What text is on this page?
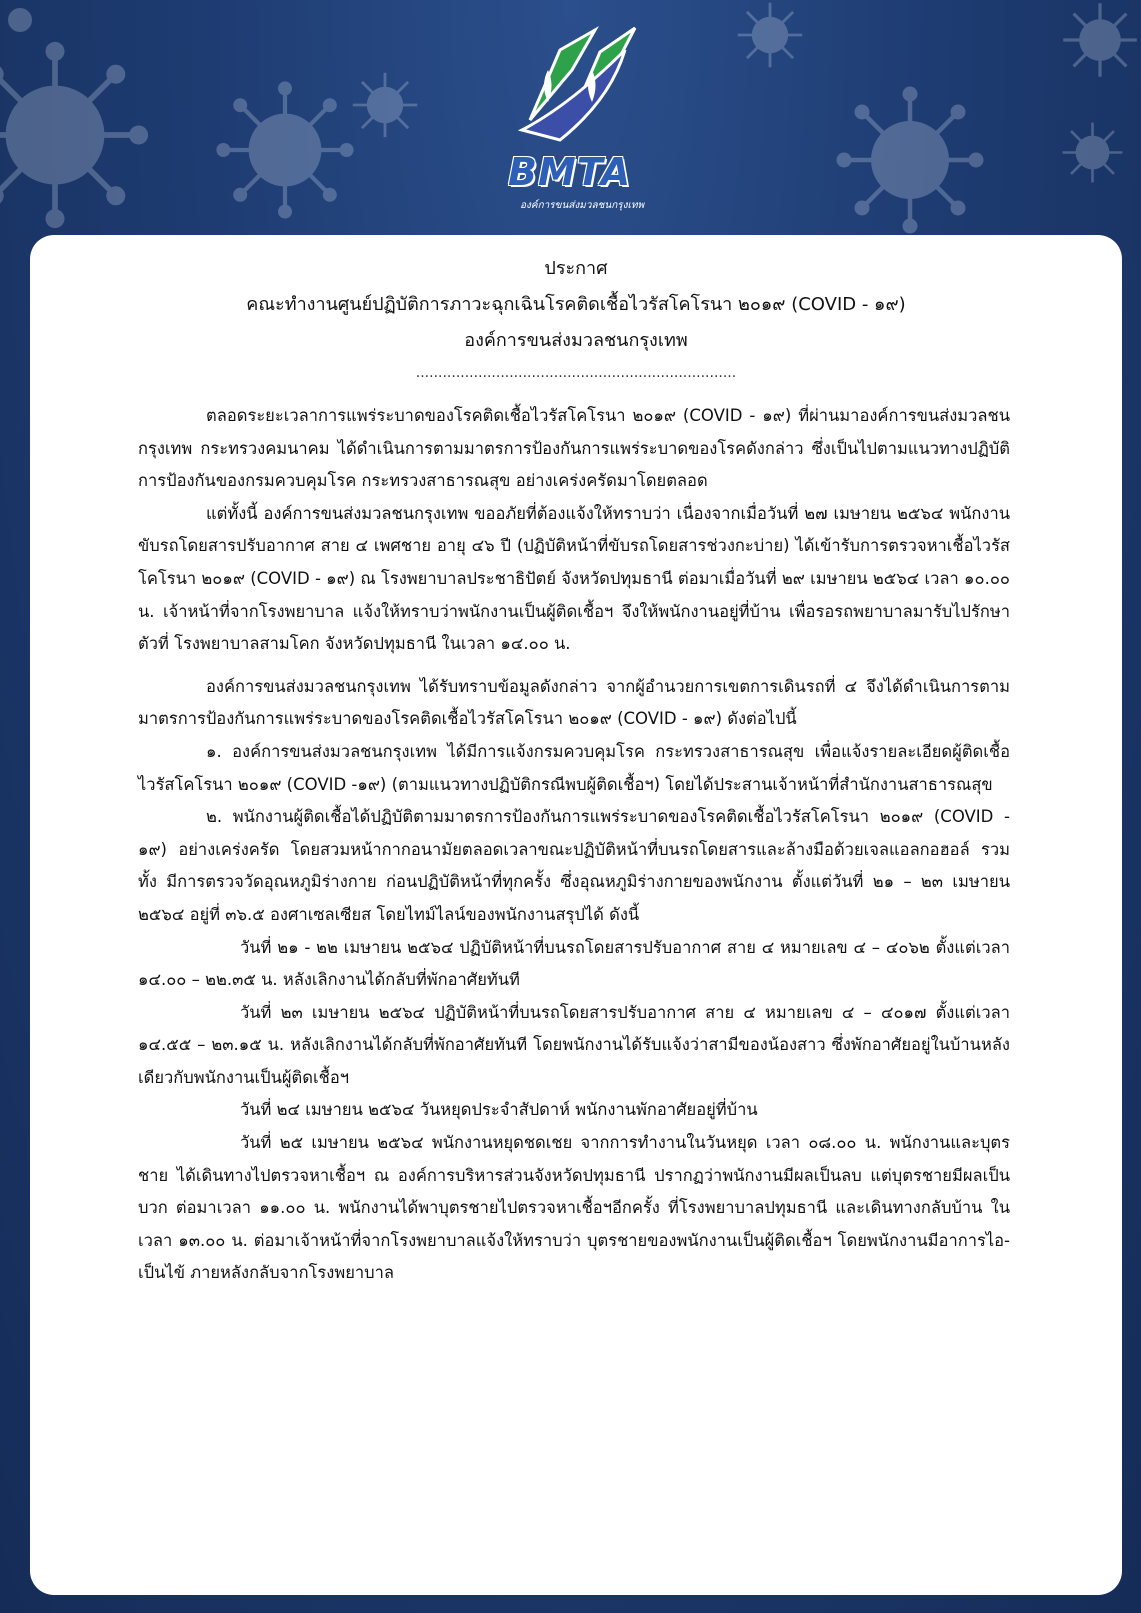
BMTA
องค์การขนส่งมวลชนกรุงเทพ
ประกาศ
คณะทำงานศูนย์ปฏิบัติการภาวะฉุกเฉินโรคติดเชื้อไวรัสโคโรนา ๒๐๑๙ (COVID - ๑๙)
องค์การขนส่งมวลชนกรุงเทพ
........................................................................

ตลอดระยะเวลาการแพร่ระบาดของโรคติดเชื้อไวรัสโคโรนา ๒๐๑๙ (COVID - ๑๙) ที่ผ่านมาองค์การขนส่งมวลชนกรุงเทพ กระทรวงคมนาคม ได้ดำเนินการตามมาตรการป้องกันการแพร่ระบาดของโรคดังกล่าว ซึ่งเป็นไปตามแนวทางปฏิบัติการป้องกันของกรมควบคุมโรค กระทรวงสาธารณสุข อย่างเคร่งครัดมาโดยตลอด

แต่ทั้งนี้ องค์การขนส่งมวลชนกรุงเทพ ขออภัยที่ต้องแจ้งให้ทราบว่า เนื่องจากเมื่อวันที่ ๒๗ เมษายน ๒๕๖๔ พนักงานขับรถโดยสารปรับอากาศ สาย ๔ เพศชาย อายุ ๔๖ ปี (ปฏิบัติหน้าที่ขับรถโดยสารช่วงกะบ่าย) ได้เข้ารับการตรวจหาเชื้อไวรัสโคโรนา ๒๐๑๙ (COVID - ๑๙) ณ โรงพยาบาลประชาธิปัตย์ จังหวัดปทุมธานี ต่อมาเมื่อวันที่ ๒๙ เมษายน ๒๕๖๔ เวลา ๑๐.๐๐ น. เจ้าหน้าที่จากโรงพยาบาล แจ้งให้ทราบว่าพนักงานเป็นผู้ติดเชื้อฯ จึงให้พนักงานอยู่ที่บ้าน เพื่อรอรถพยาบาลมารับไปรักษาตัวที่ โรงพยาบาลสามโคก จังหวัดปทุมธานี ในเวลา ๑๔.๐๐ น.

องค์การขนส่งมวลชนกรุงเทพ ได้รับทราบข้อมูลดังกล่าว จากผู้อำนวยการเขตการเดินรถที่ ๔ จึงได้ดำเนินการตามมาตรการป้องกันการแพร่ระบาดของโรคติดเชื้อไวรัสโคโรนา ๒๐๑๙ (COVID - ๑๙) ดังต่อไปนี้

๑. องค์การขนส่งมวลชนกรุงเทพ ได้มีการแจ้งกรมควบคุมโรค กระทรวงสาธารณสุข เพื่อแจ้งรายละเอียดผู้ติดเชื้อไวรัสโคโรนา ๒๐๑๙ (COVID -๑๙) (ตามแนวทางปฏิบัติกรณีพบผู้ติดเชื้อฯ) โดยได้ประสานเจ้าหน้าที่สำนักงานสาธารณสุข

๒. พนักงานผู้ติดเชื้อได้ปฏิบัติตามมาตรการป้องกันการแพร่ระบาดของโรคติดเชื้อไวรัสโคโรนา ๒๐๑๙ (COVID - ๑๙) อย่างเคร่งครัด โดยสวมหน้ากากอนามัยตลอดเวลาขณะปฏิบัติหน้าที่บนรถโดยสารและล้างมือด้วยเจลแอลกอฮอล์ รวมทั้ง มีการตรวจวัดอุณหภูมิร่างกาย ก่อนปฏิบัติหน้าที่ทุกครั้ง ซึ่งอุณหภูมิร่างกายของพนักงาน ตั้งแต่วันที่ ๒๑ – ๒๓ เมษายน ๒๕๖๔ อยู่ที่ ๓๖.๕ องศาเซลเซียส โดยไทม์ไลน์ของพนักงานสรุปได้ ดังนี้

วันที่ ๒๑ - ๒๒ เมษายน ๒๕๖๔ ปฏิบัติหน้าที่บนรถโดยสารปรับอากาศ สาย ๔ หมายเลข ๔ – ๔๐๖๒ ตั้งแต่เวลา ๑๔.๐๐ – ๒๒.๓๕ น. หลังเลิกงานได้กลับที่พักอาศัยทันที

วันที่ ๒๓ เมษายน ๒๕๖๔ ปฏิบัติหน้าที่บนรถโดยสารปรับอากาศ สาย ๔ หมายเลข ๔ – ๔๐๑๗ ตั้งแต่เวลา ๑๔.๕๕ – ๒๓.๑๕ น. หลังเลิกงานได้กลับที่พักอาศัยทันที โดยพนักงานได้รับแจ้งว่าสามีของน้องสาว ซึ่งพักอาศัยอยู่ในบ้านหลังเดียวกับพนักงานเป็นผู้ติดเชื้อฯ

วันที่ ๒๔ เมษายน ๒๕๖๔ วันหยุดประจำสัปดาห์ พนักงานพักอาศัยอยู่ที่บ้าน

วันที่ ๒๕ เมษายน ๒๕๖๔ พนักงานหยุดชดเชย จากการทำงานในวันหยุด เวลา ๐๘.๐๐ น. พนักงานและบุตรชาย ได้เดินทางไปตรวจหาเชื้อฯ ณ องค์การบริหารส่วนจังหวัดปทุมธานี ปรากฏว่าพนักงานมีผลเป็นลบ แต่บุตรชายมีผลเป็นบวก ต่อมาเวลา ๑๑.๐๐ น. พนักงานได้พาบุตรชายไปตรวจหาเชื้อฯอีกครั้ง ที่โรงพยาบาลปทุมธานี และเดินทางกลับบ้าน ในเวลา ๑๓.๐๐ น. ต่อมาเจ้าหน้าที่จากโรงพยาบาลแจ้งให้ทราบว่า บุตรชายของพนักงานเป็นผู้ติดเชื้อฯ โดยพนักงานมีอาการไอ-เป็นไข้ ภายหลังกลับจากโรงพยาบาล
